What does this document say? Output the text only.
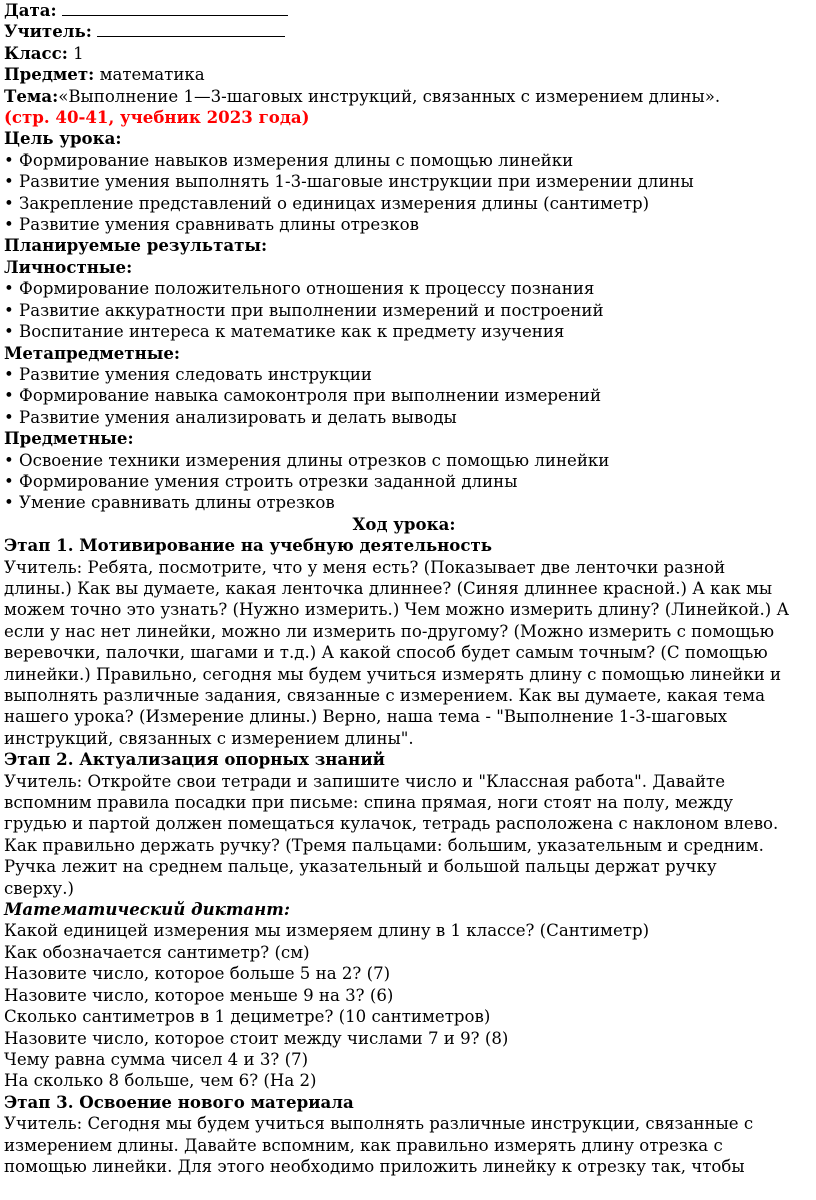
Дата:
Учитель:
Класс: 1
Предмет: математика
Тема:«Выполнение 1—3-шаговых инструкций, связанных с измерением длины».
(стр. 40-41, учебник 2023 года)
Цель урока:
• Формирование навыков измерения длины с помощью линейки
• Развитие умения выполнять 1-3-шаговые инструкции при измерении длины
• Закрепление представлений о единицах измерения длины (сантиметр)
• Развитие умения сравнивать длины отрезков
Планируемые результаты:
Личностные:
• Формирование положительного отношения к процессу познания
• Развитие аккуратности при выполнении измерений и построений
• Воспитание интереса к математике как к предмету изучения
Метапредметные:
• Развитие умения следовать инструкции
• Формирование навыка самоконтроля при выполнении измерений
• Развитие умения анализировать и делать выводы
Предметные:
• Освоение техники измерения длины отрезков с помощью линейки
• Формирование умения строить отрезки заданной длины
• Умение сравнивать длины отрезков
Ход урока:
Этап 1. Мотивирование на учебную деятельность
Учитель: Ребята, посмотрите, что у меня есть? (Показывает две ленточки разной
длины.) Как вы думаете, какая ленточка длиннее? (Синяя длиннее красной.) А как мы
можем точно это узнать? (Нужно измерить.) Чем можно измерить длину? (Линейкой.) А
если у нас нет линейки, можно ли измерить по-другому? (Можно измерить с помощью
веревочки, палочки, шагами и т.д.) А какой способ будет самым точным? (С помощью
линейки.) Правильно, сегодня мы будем учиться измерять длину с помощью линейки и
выполнять различные задания, связанные с измерением. Как вы думаете, какая тема
нашего урока? (Измерение длины.) Верно, наша тема - "Выполнение 1-3-шаговых
инструкций, связанных с измерением длины".
Этап 2. Актуализация опорных знаний
Учитель: Откройте свои тетради и запишите число и "Классная работа". Давайте
вспомним правила посадки при письме: спина прямая, ноги стоят на полу, между
грудью и партой должен помещаться кулачок, тетрадь расположена с наклоном влево.
Как правильно держать ручку? (Тремя пальцами: большим, указательным и средним.
Ручка лежит на среднем пальце, указательный и большой пальцы держат ручку
сверху.)
Математический диктант:
Какой единицей измерения мы измеряем длину в 1 классе? (Сантиметр)
Как обозначается сантиметр? (см)
Назовите число, которое больше 5 на 2? (7)
Назовите число, которое меньше 9 на 3? (6)
Сколько сантиметров в 1 дециметре? (10 сантиметров)
Назовите число, которое стоит между числами 7 и 9? (8)
Чему равна сумма чисел 4 и 3? (7)
На сколько 8 больше, чем 6? (На 2)
Этап 3. Освоение нового материала
Учитель: Сегодня мы будем учиться выполнять различные инструкции, связанные с
измерением длины. Давайте вспомним, как правильно измерять длину отрезка с
помощью линейки. Для этого необходимо приложить линейку к отрезку так, чтобы
